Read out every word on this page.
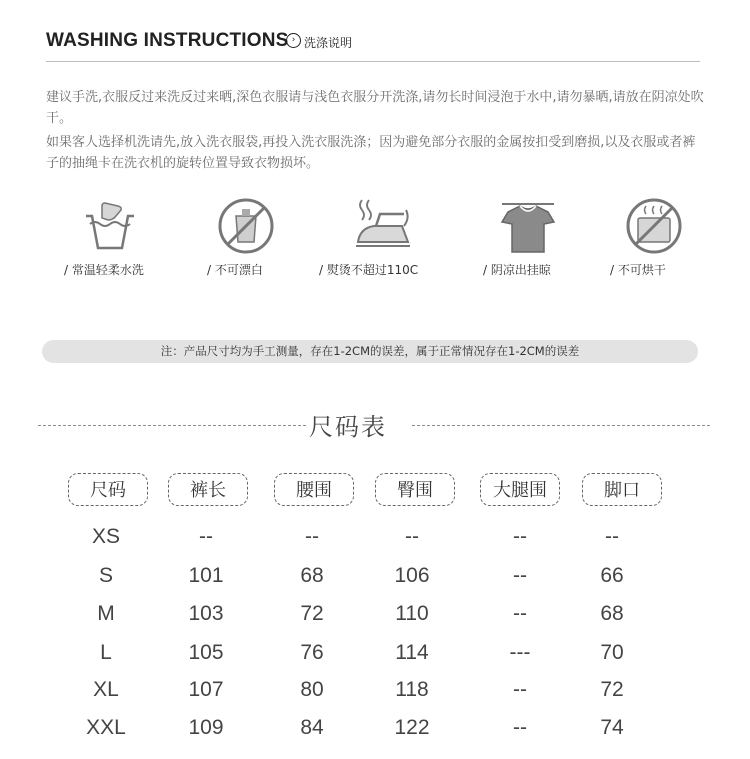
WASHING INSTRUCTIONS › 洗涤说明
建议手洗,衣服反过来洗反过来晒,深色衣服请与浅色衣服分开洗涤,请勿长时间浸泡于水中,请勿暴晒,请放在阴凉处吹干。
如果客人选择机洗请先,放入洗衣服袋,再投入洗衣服洗涤；因为避免部分衣服的金属按扣受到磨损,以及衣服或者裤子的抽绳卡在洗衣机的旋转位置导致衣物损坏。
/ 常温轻柔水洗	/ 不可漂白	/ 熨烫不超过110C	/ 阴凉出挂晾	/ 不可烘干
注：产品尺寸均为手工测量，存在1-2CM的误差，属于正常情况存在1-2CM的误差
尺码表
尺码	裤长	腰围	臀围	大腿围	脚口
XS	--	--	--	--	--
S	101	68	106	--	66
M	103	72	110	--	68
L	105	76	114	---	70
XL	107	80	118	--	72
XXL	109	84	122	--	74
